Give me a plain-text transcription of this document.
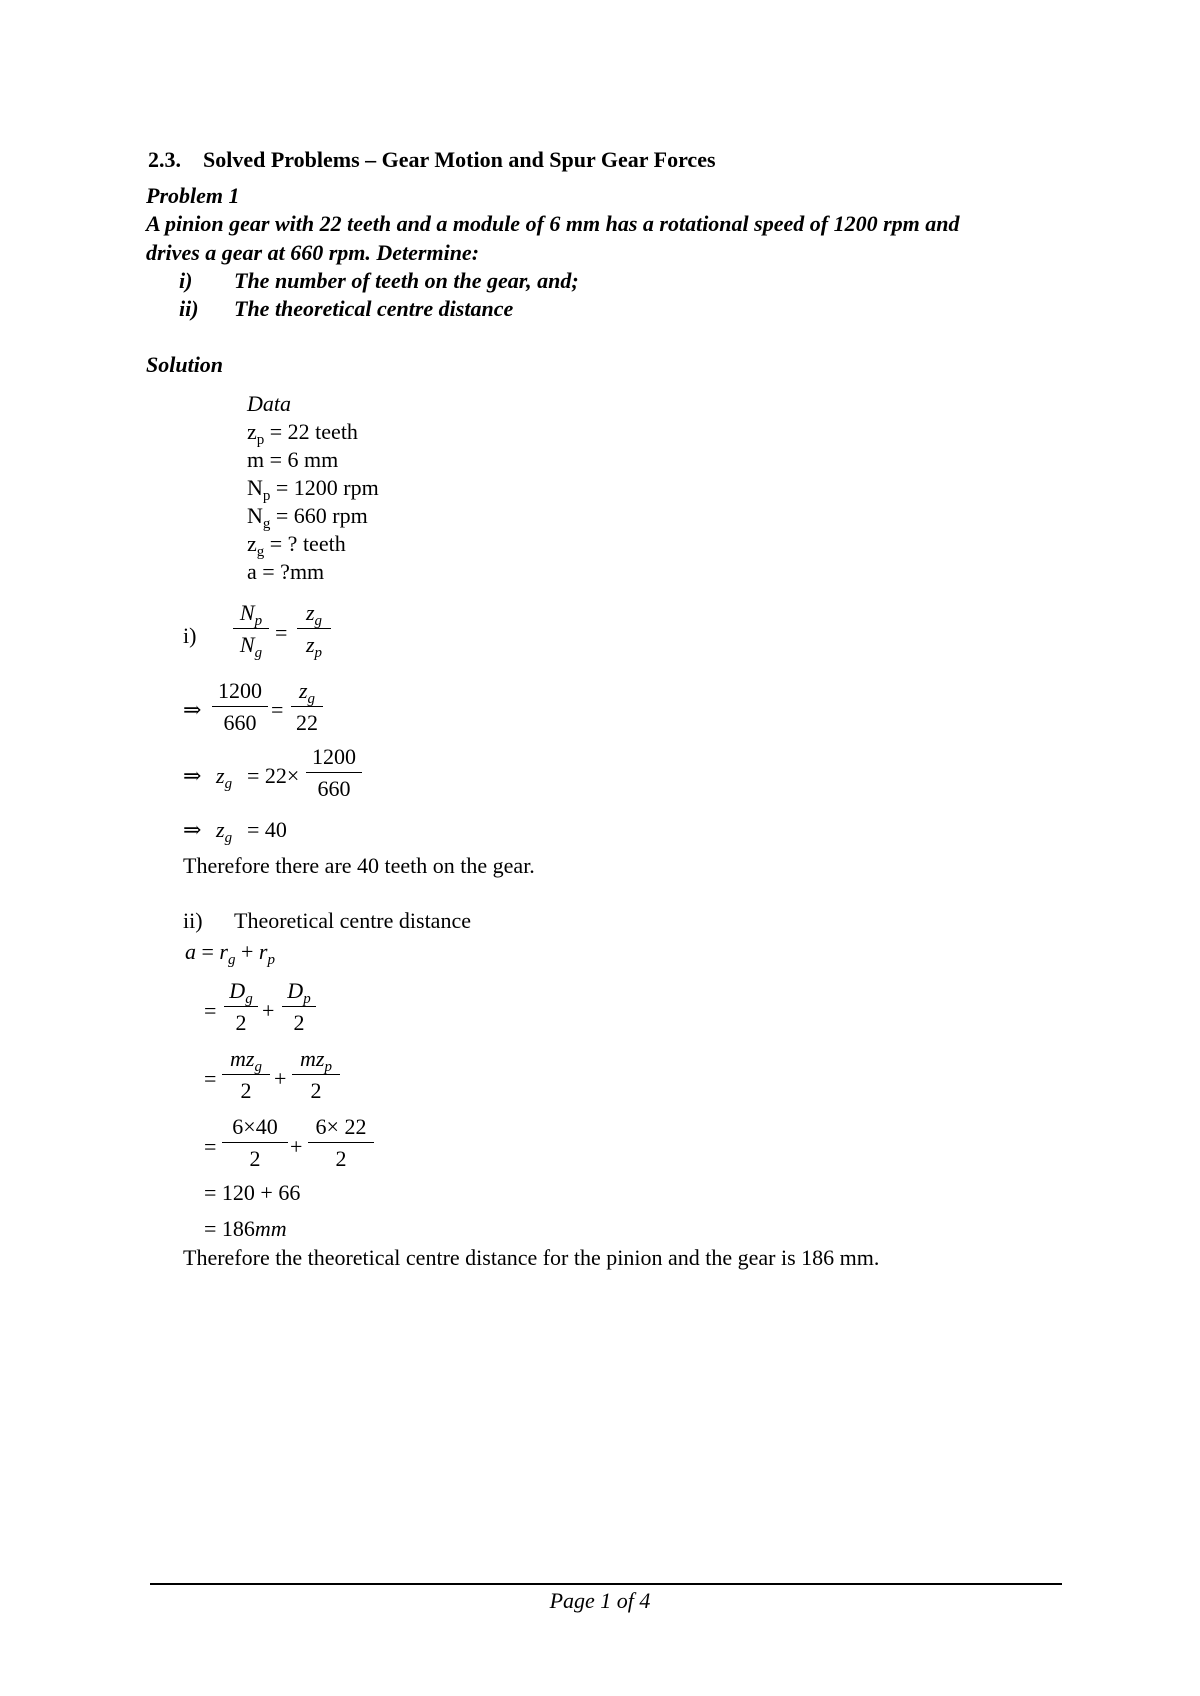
2.3. Solved Problems – Gear Motion and Spur Gear Forces
Problem 1
A pinion gear with 22 teeth and a module of 6 mm has a rotational speed of 1200 rpm and
drives a gear at 660 rpm. Determine:
i) The number of teeth on the gear, and;
ii) The theoretical centre distance
Solution
Data
$z_p = 22$ teeth
m = 6 mm
$N_p = 1200$ rpm
$N_g = 660$ rpm
$z_g$ = ? teeth
a = ?mm
i)
$N_p$
$N_g$
=
$z_g$
$z_p$
⇒
1200
660
=
$z_g$
22
⇒ $z_g = 22\times$
1200
660
⇒ $z_g = 40$
Therefore there are 40 teeth on the gear.
ii) Theoretical centre distance
$a = r_g + r_p$
=
$D_g$
2 +
$D_p$
2
=
$mz_g$
2	+
$mz_p$
2
=
6×40
2	+
6× 22
2
= 120 + 66
= 186mm
Therefore the theoretical centre distance for the pinion and the gear is 186 mm.
Page 1 of 4
